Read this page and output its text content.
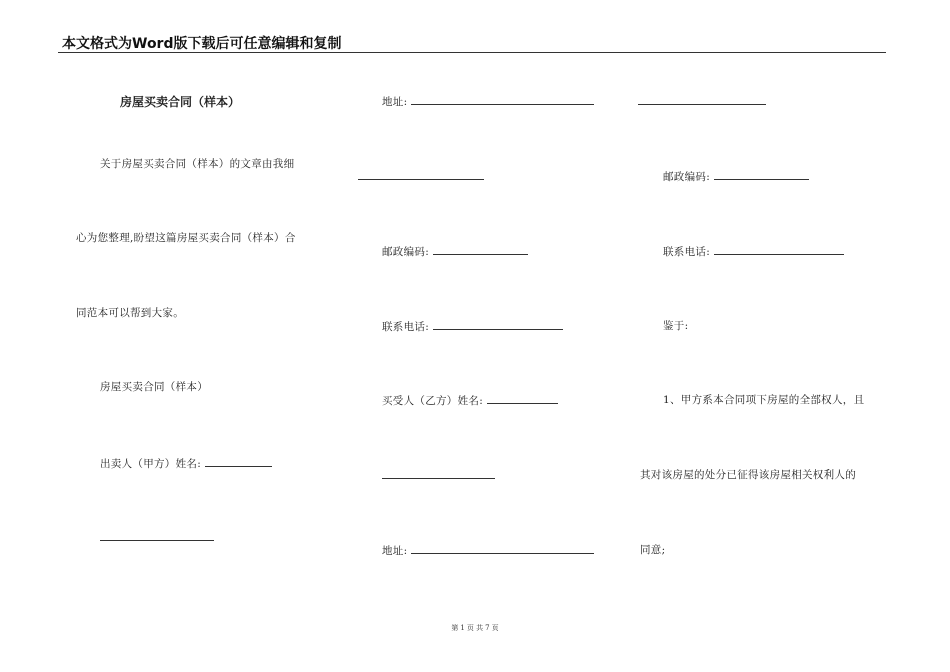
本文格式为Word版下载后可任意编辑和复制
房屋买卖合同（样本）
关于房屋买卖合同（样本）的文章由我细
心为您整理,盼望这篇房屋买卖合同（样本）合
同范本可以帮到大家。
房屋买卖合同（样本）
出卖人（甲方）姓名:
地址:
邮政编码:
联系电话:
买受人（乙方）姓名:
地址:
邮政编码:
联系电话:
鉴于:
1、甲方系本合同项下房屋的全部权人，且
其对该房屋的处分已征得该房屋相关权利人的
同意;
第 1 页 共 7 页
